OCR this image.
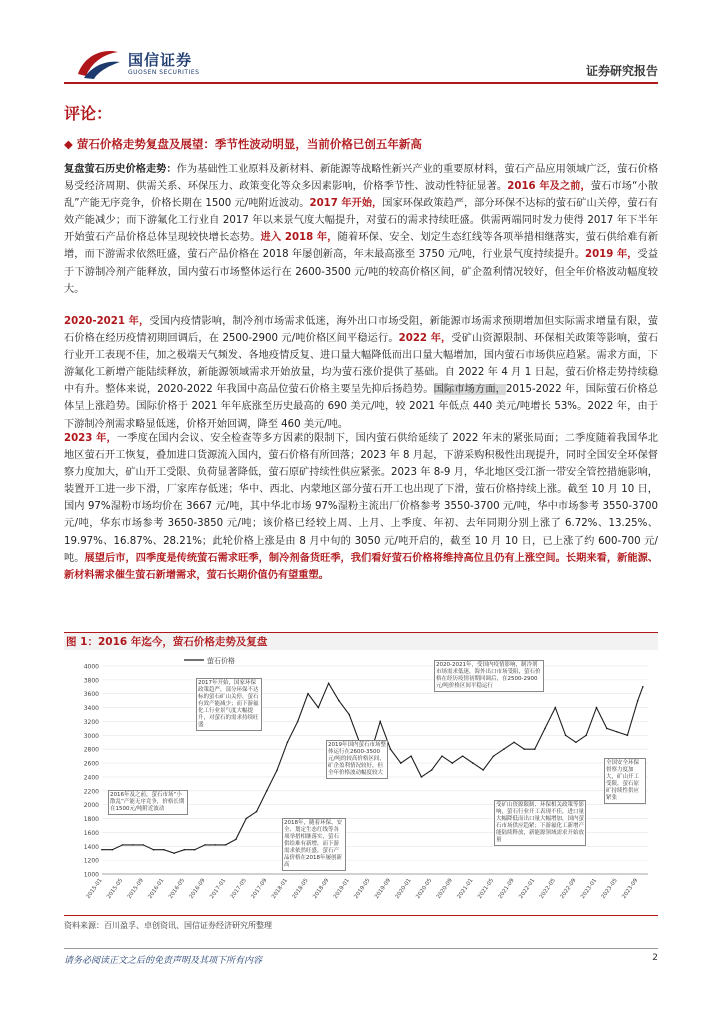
国信证券
GUOSEN SECURITIES	证券研究报告
评论：
◆ 萤石价格走势复盘及展望：季节性波动明显，当前价格已创五年新高
复盘萤石历史价格走势：作为基础性工业原料及新材料、新能源等战略性新兴产业的重要原材料，萤石产品应用领域广泛，萤石价格易受经济周期、供需关系、环保压力、政策变化等众多因素影响，价格季节性、波动性特征显著。2016 年及之前，萤石市场“小散乱”产能无序竞争，价格长期在 1500 元/吨附近波动。2017 年开始，国家环保政策趋严，部分环保不达标的萤石矿山关停，萤石有效产能减少；而下游氟化工行业自 2017 年以来景气度大幅提升，对萤石的需求持续旺盛。供需两端同时发力使得 2017 年下半年开始萤石产品价格总体呈现较快增长态势。进入 2018 年，随着环保、安全、划定生态红线等各项举措相继落实，萤石供给难有新增，而下游需求依然旺盛，萤石产品价格在 2018 年屡创新高，年末最高涨至 3750 元/吨，行业景气度持续提升。2019 年，受益于下游制冷剂产能释放，国内萤石市场整体运行在 2600-3500 元/吨的较高价格区间，矿企盈利情况较好，但全年价格波动幅度较大。
2020-2021 年，受国内疫情影响，制冷剂市场需求低迷，海外出口市场受阻，新能源市场需求预期增加但实际需求增量有限，萤石价格在经历疫情初期回调后，在 2500-2900 元/吨价格区间平稳运行。2022 年，受矿山资源限制、环保相关政策等影响，萤石行业开工表现不佳，加之极端天气频发、各地疫情反复、进口量大幅降低而出口量大幅增加，国内萤石市场供应趋紧。需求方面，下游氟化工新增产能陆续释放，新能源领域需求开始放量，均为萤石涨价提供了基础。自 2022 年 4 月 1 日起，萤石价格走势持续稳中有升。整体来说，2020-2022 年我国中高品位萤石价格主要呈先抑后扬趋势。国际市场方面，2015-2022 年，国际萤石价格总体呈上涨趋势。国际价格于 2021 年年底涨至历史最高的 690 美元/吨，较 2021 年低点 440 美元/吨增长 53%。2022 年，由于下游制冷剂需求略显低迷，价格开始回调，降至 460 美元/吨。
2023 年，一季度在国内会议、安全检查等多方因素的限制下，国内萤石供给延续了 2022 年末的紧张局面；二季度随着我国华北地区萤石开工恢复，叠加进口货源流入国内，萤石价格有所回落；2023 年 8 月起，下游采购积极性出现提升，同时全国安全环保督察力度加大，矿山开工受限、负荷显著降低，萤石原矿持续性供应紧张。2023 年 8-9 月，华北地区受江浙一带安全管控措施影响，装置开工进一步下滑，厂家库存低迷；华中、西北、内蒙地区部分萤石开工也出现了下滑，萤石价格持续上涨。截至 10 月 10 日，国内 97%湿粉市场均价在 3667 元/吨，其中华北市场 97%湿粉主流出厂价格参考 3550-3700 元/吨，华中市场参考 3550-3700 元/吨，华东市场参考 3650-3850 元/吨；该价格已经较上周、上月、上季度、年初、去年同期分别上涨了 6.72%、13.25%、19.97%、16.87%、28.21%；此轮价格上涨是由 8 月中旬的 3050 元/吨开启的，截至 10 月 10 日，已上涨了约 600-700 元/吨。展望后市，四季度是传统萤石需求旺季，制冷剂备货旺季，我们看好萤石价格将维持高位且仍有上涨空间。长期来看，新能源、新材料需求催生萤石新增需求，萤石长期价值仍有望重塑。
图 1：2016 年迄今，萤石价格走势及复盘
1000
1200
1400
1600
1800
2000
2200
2400
2600
2800
3000
3200
3400
3600
3800
4000
2015-01 2015-05 2015-09 2016-01 2016-05 2016-09 2017-01 2017-05 2017-09 2018-01 2018-05 2018-09 2019-01 2019-05 2019-09 2020-01 2020-05 2020-09 2021-01 2021-05 2021-09 2022-01 2022-05 2022-09 2023-01 2023-05 2023-09
萤石价格
2016年及之前，萤石市场“小散乱”产能无序竞争，价格长期在1500元/吨附近波动
2017年开始，国家环保政策趋严，部分环保不达标的萤石矿山关停，萤石有效产能减少；而下游氟化工行业景气度大幅提升，对萤石的需求持续旺盛
2019年国内萤石市场整体运行在2600-3500元/吨的较高价格区间，矿企盈利情况较好，但全年价格波动幅度较大
2018年，随着环保、安全、划定生态红线等各项举措相继落实，萤石供给难有新增，而下游需求依然旺盛，萤石产品价格在2018年屡创新高
2020-2021年，受国内疫情影响，制冷剂市场需求低迷，海外出口市场受阻，萤石价格在经历疫情初期回调后，在2500-2900元/吨价格区间平稳运行
受矿山资源限制、环保相关政策等影响，萤石行业开工表现不佳，进口量大幅降低而出口量大幅增加，国内萤石市场供应趋紧；下游氟化工新增产能陆续释放，新能源领域需求开始放量
全国安全环保督察力度加大，矿山开工受限，萤石原矿持续性供应紧张
资料来源：百川盈孚、卓创资讯、国信证券经济研究所整理
请务必阅读正文之后的免责声明及其项下所有内容	2
